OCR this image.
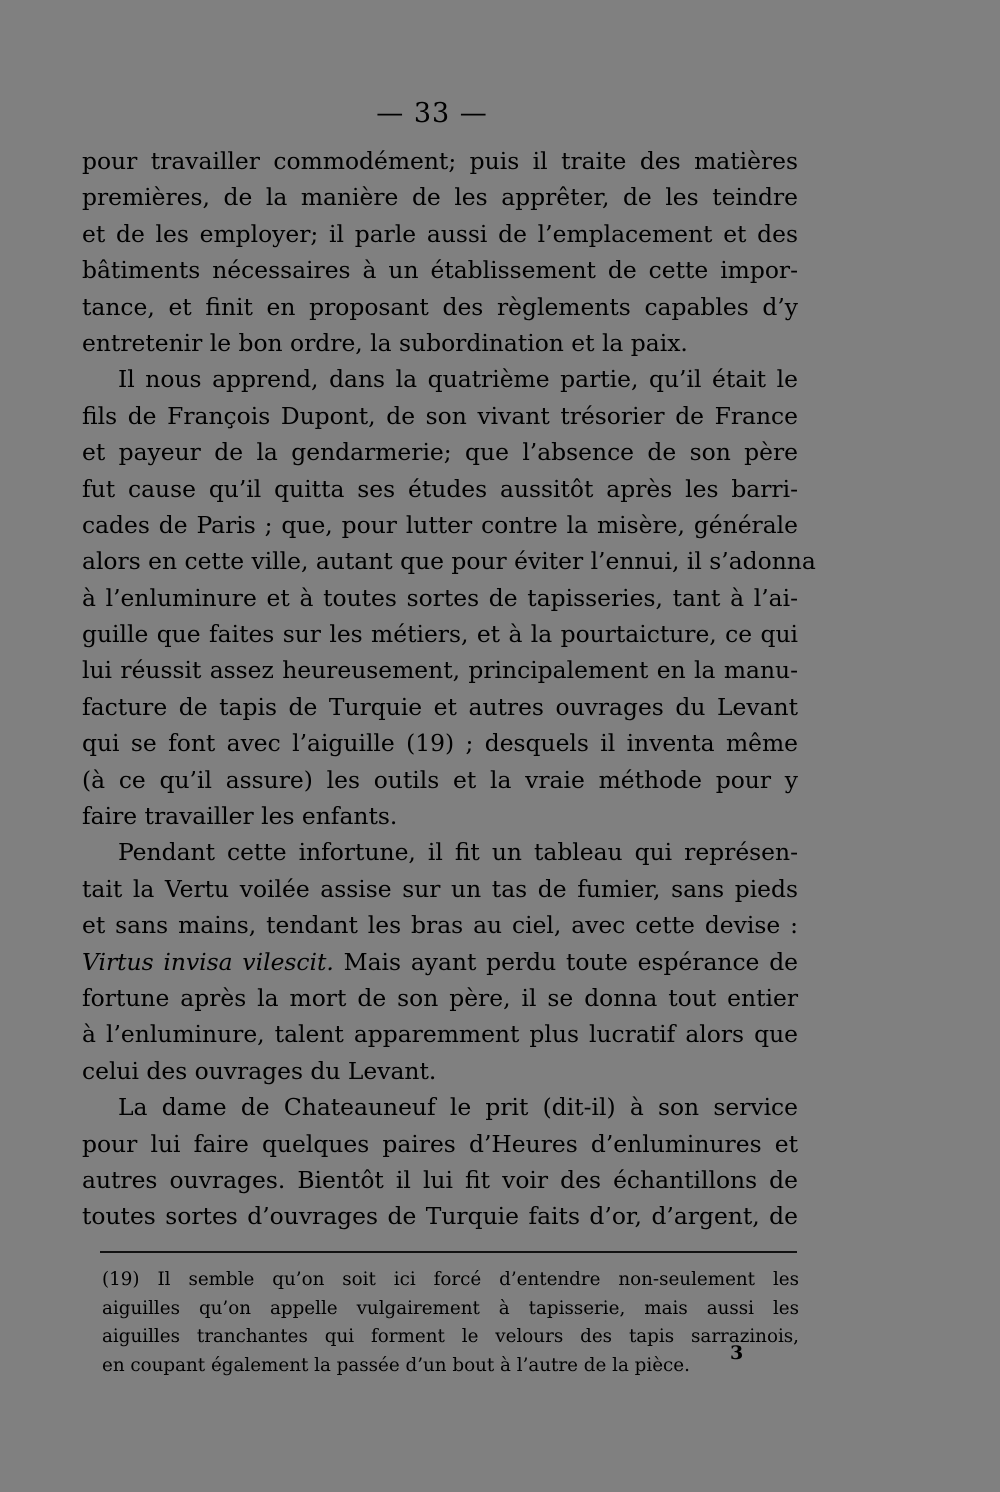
— 33 —
pour travailler commodément; puis il traite des matières
premières, de la manière de les apprêter, de les teindre
et de les employer; il parle aussi de l’emplacement et des
bâtiments nécessaires à un établissement de cette impor-
tance, et finit en proposant des règlements capables d’y
entretenir le bon ordre, la subordination et la paix.
Il nous apprend, dans la quatrième partie, qu’il était le
fils de François Dupont, de son vivant trésorier de France
et payeur de la gendarmerie; que l’absence de son père
fut cause qu’il quitta ses études aussitôt après les barri-
cades de Paris ; que, pour lutter contre la misère, générale
alors en cette ville, autant que pour éviter l’ennui, il s’adonna
à l’enluminure et à toutes sortes de tapisseries, tant à l’ai-
guille que faites sur les métiers, et à la pourtaicture, ce qui
lui réussit assez heureusement, principalement en la manu-
facture de tapis de Turquie et autres ouvrages du Levant
qui se font avec l’aiguille (19) ; desquels il inventa même
(à ce qu’il assure) les outils et la vraie méthode pour y
faire travailler les enfants.
Pendant cette infortune, il fit un tableau qui représen-
tait la Vertu voilée assise sur un tas de fumier, sans pieds
et sans mains, tendant les bras au ciel, avec cette devise :
Virtus invisa vilescit. Mais ayant perdu toute espérance de
fortune après la mort de son père, il se donna tout entier
à l’enluminure, talent apparemment plus lucratif alors que
celui des ouvrages du Levant.
La dame de Chateauneuf le prit (dit-il) à son service
pour lui faire quelques paires d’Heures d’enluminures et
autres ouvrages. Bientôt il lui fit voir des échantillons de
toutes sortes d’ouvrages de Turquie faits d’or, d’argent, de
(19) Il semble qu’on soit ici forcé d’entendre non-seulement les
aiguilles qu’on appelle vulgairement à tapisserie, mais aussi les
aiguilles tranchantes qui forment le velours des tapis sarrazinois,
en coupant également la passée d’un bout à l’autre de la pièce.
3
